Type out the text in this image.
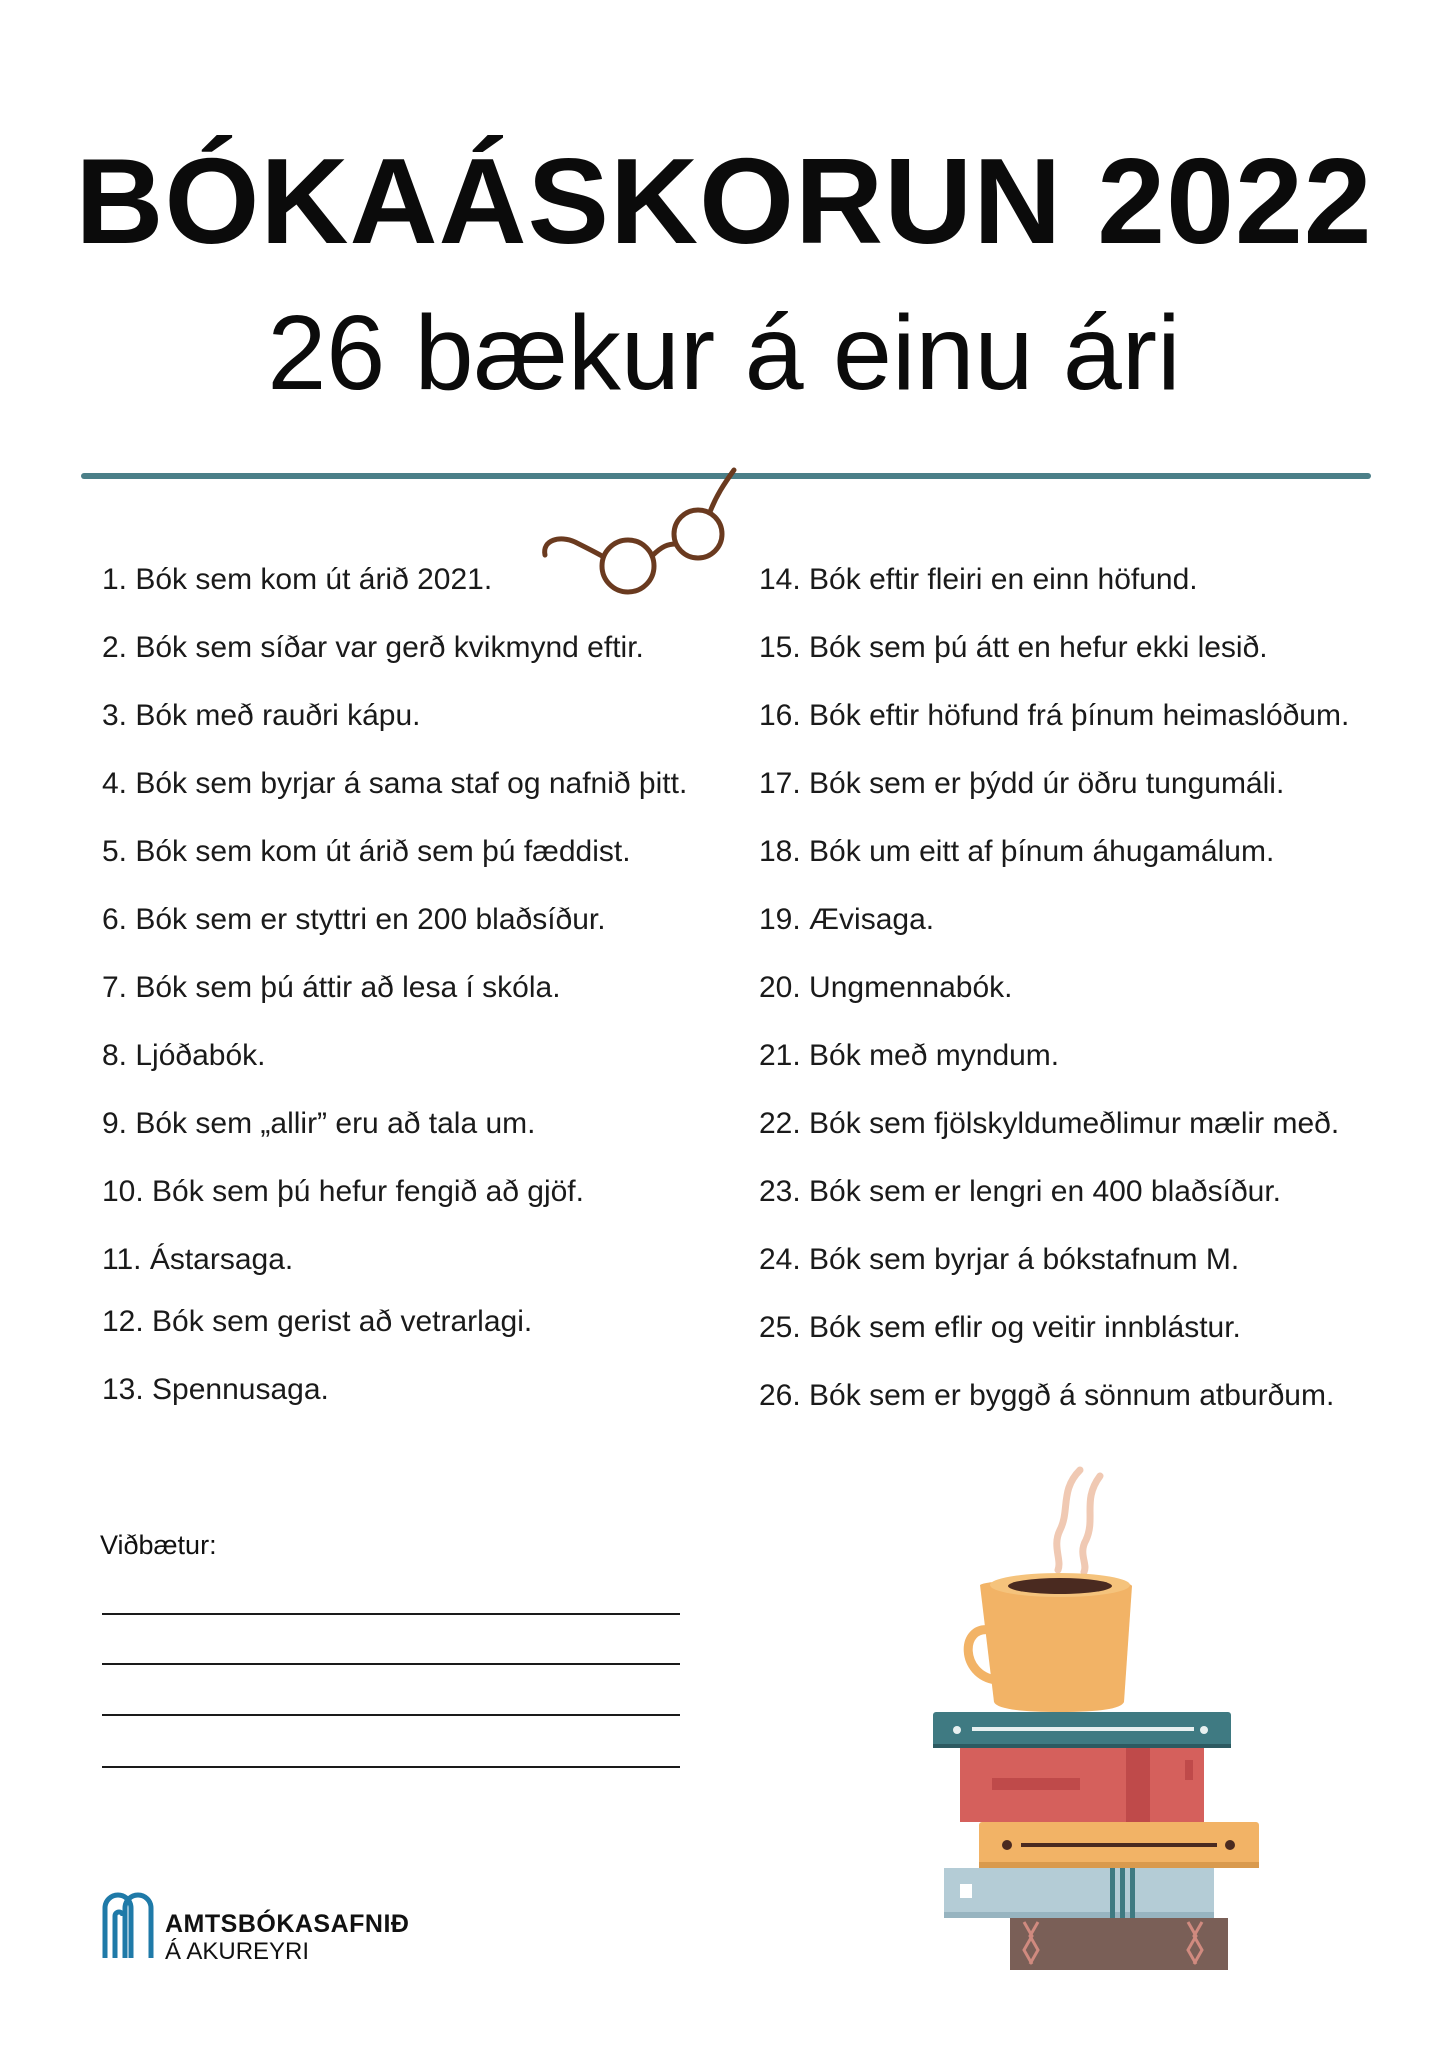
BÓKAÁSKORUN 2022
26 bækur á einu ári
1. Bók sem kom út árið 2021.
2. Bók sem síðar var gerð kvikmynd eftir.
3. Bók með rauðri kápu.
4. Bók sem byrjar á sama staf og nafnið þitt.
5. Bók sem kom út árið sem þú fæddist.
6. Bók sem er styttri en 200 blaðsíður.
7. Bók sem þú áttir að lesa í skóla.
8. Ljóðabók.
9. Bók sem „allir” eru að tala um.
10. Bók sem þú hefur fengið að gjöf.
11. Ástarsaga.
12. Bók sem gerist að vetrarlagi.
13. Spennusaga.
14. Bók eftir fleiri en einn höfund.
15. Bók sem þú átt en hefur ekki lesið.
16. Bók eftir höfund frá þínum heimaslóðum.
17. Bók sem er þýdd úr öðru tungumáli.
18. Bók um eitt af þínum áhugamálum.
19. Ævisaga.
20. Ungmennabók.
21. Bók með myndum.
22. Bók sem fjölskyldumeðlimur mælir með.
23. Bók sem er lengri en 400 blaðsíður.
24. Bók sem byrjar á bókstafnum M.
25. Bók sem eflir og veitir innblástur.
26. Bók sem er byggð á sönnum atburðum.
Viðbætur:
AMTSBÓKASAFNIÐ
Á AKUREYRI
